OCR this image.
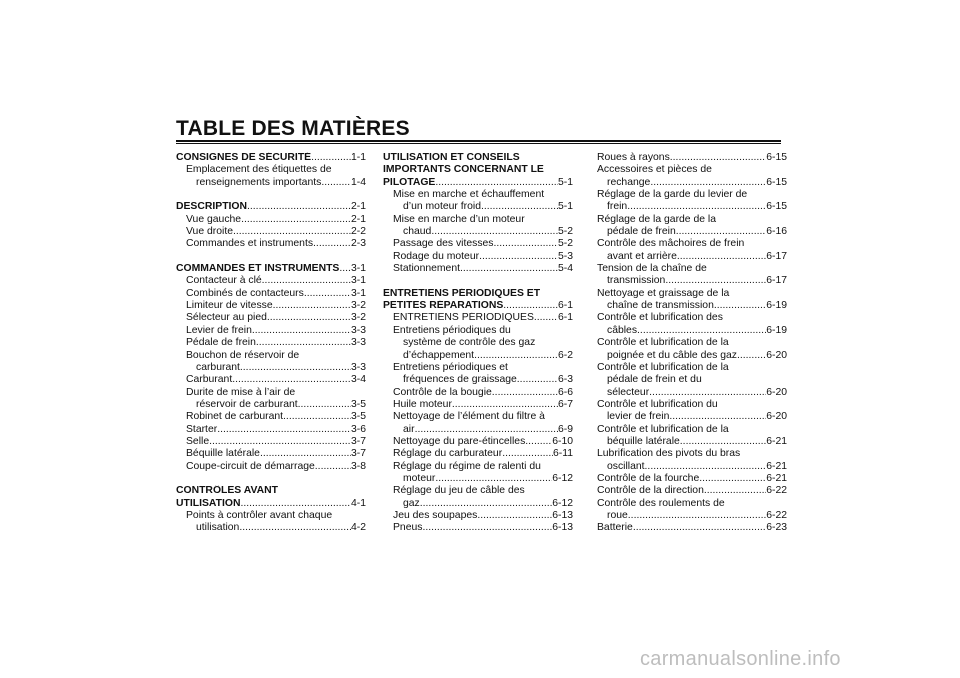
TABLE DES MATIÈRES
CONSIGNES DE SÉCURITÉ .....	1-1
Emplacement des étiquettes de
renseignements importants .....	1-4
DESCRIPTION .....	2-1
Vue gauche .....	2-1
Vue droite .....	2-2
Commandes et instruments .....	2-3
COMMANDES ET INSTRUMENTS ..... 3-1
Contacteur à clé .....	3-1
Combinés de contacteurs .....	3-1
Limiteur de vitesse .....	3-2
Sélecteur au pied .....	3-2
Levier de frein .....	3-3
Pédale de frein .....	3-3
Bouchon de réservoir de
carburant .....	3-3
Carburant .....	3-4
Durite de mise à l’air de
réservoir de carburant .....	3-5
Robinet de carburant .....	3-5
Starter .....	3-6
Selle .....	3-7
Béquille latérale .....	3-7
Coupe-circuit de démarrage .....	3-8
CONTRÔLES AVANT
UTILISATION .....	4-1
Points à contrôler avant chaque
utilisation .....	4-2
UTILISATION ET CONSEILS
IMPORTANTS CONCERNANT LE
PILOTAGE .....	5-1
Mise en marche et échauffement
d’un moteur froid .....	5-1
Mise en marche d’un moteur
chaud .....	5-2
Passage des vitesses .....	5-2
Rodage du moteur .....	5-3
Stationnement .....	5-4
ENTRETIENS PÉRIODIQUES ET
PETITES RÉPARATIONS .....	6-1
ENTRETIENS PÉRIODIQUES ..... 6-1
Entretiens périodiques du
système de contrôle des gaz
d’échappement .....	6-2
Entretiens périodiques et
fréquences de graissage .....	6-3
Contrôle de la bougie .....	6-6
Huile moteur .....	6-7
Nettoyage de l’élément du filtre à
air .....	6-9
Nettoyage du pare-étincelles .....	6-10
Réglage du carburateur .....	6-11
Réglage du régime de ralenti du
moteur .....	6-12
Réglage du jeu de câble des
gaz .....	6-12
Jeu des soupapes .....	6-13
Pneus .....	6-13
Roues à rayons .....	6-15
Accessoires et pièces de
rechange .....	6-15
Réglage de la garde du levier de
frein .....	6-15
Réglage de la garde de la
pédale de frein .....	6-16
Contrôle des mâchoires de frein
avant et arrière .....	6-17
Tension de la chaîne de
transmission .....	6-17
Nettoyage et graissage de la
chaîne de transmission .....	6-19
Contrôle et lubrification des
câbles .....	6-19
Contrôle et lubrification de la
poignée et du câble des gaz .....	6-20
Contrôle et lubrification de la
pédale de frein et du
sélecteur .....	6-20
Contrôle et lubrification du
levier de frein .....	6-20
Contrôle et lubrification de la
béquille latérale .....	6-21
Lubrification des pivots du bras
oscillant .....	6-21
Contrôle de la fourche .....	6-21
Contrôle de la direction .....	6-22
Contrôle des roulements de
roue .....	6-22
Batterie .....	6-23
carmanualsonline.info
